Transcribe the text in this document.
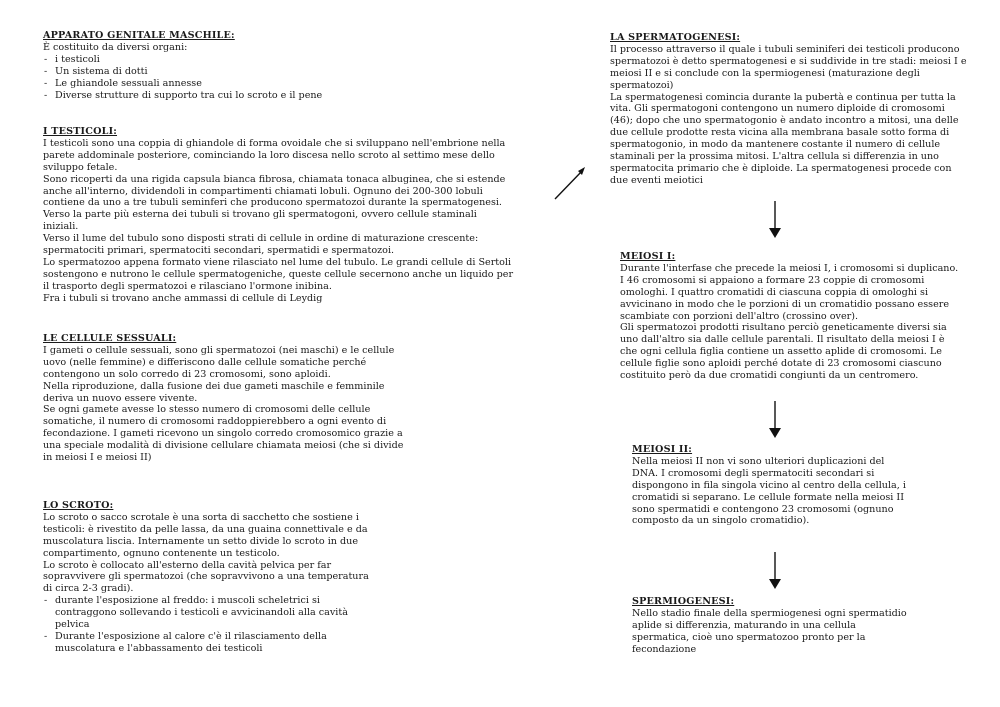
APPARATO GENITALE MASCHILE:
È costituito da diversi organi:
- i testicoli
- Un sistema di dotti
- Le ghiandole sessuali annesse
- Diverse strutture di supporto tra cui lo scroto e il pene
I TESTICOLI:
I testicoli sono una coppia di ghiandole di forma ovoidale che si sviluppano nell'embrione nella
parete addominale posteriore, cominciando la loro discesa nello scroto al settimo mese dello
sviluppo fetale.
Sono ricoperti da una rigida capsula bianca fibrosa, chiamata tonaca albuginea, che si estende
anche all'interno, dividendoli in compartimenti chiamati lobuli. Ognuno dei 200-300 lobuli
contiene da uno a tre tubuli seminferi che producono spermatozoi durante la spermatogenesi.
Verso la parte più esterna dei tubuli si trovano gli spermatogoni, ovvero cellule staminali
iniziali.
Verso il lume del tubulo sono disposti strati di cellule in ordine di maturazione crescente:
spermatociti primari, spermatociti secondari, spermatidi e spermatozoi.
Lo spermatozoo appena formato viene rilasciato nel lume del tubulo. Le grandi cellule di Sertoli
sostengono e nutrono le cellule spermatogeniche, queste cellule secernono anche un liquido per
il trasporto degli spermatozoi e rilasciano l'ormone inibina.
Fra i tubuli si trovano anche ammassi di cellule di Leydig
LE CELLULE SESSUALI:
I gameti o cellule sessuali, sono gli spermatozoi (nei maschi) e le cellule
uovo (nelle femmine) e differiscono dalle cellule somatiche perché
contengono un solo corredo di 23 cromosomi, sono aploidi.
Nella riproduzione, dalla fusione dei due gameti maschile e femminile
deriva un nuovo essere vivente.
Se ogni gamete avesse lo stesso numero di cromosomi delle cellule
somatiche, il numero di cromosomi raddoppierebbero a ogni evento di
fecondazione. I gameti ricevono un singolo corredo cromosomico grazie a
una speciale modalità di divisione cellulare chiamata meiosi (che si divide
in meiosi I e meiosi II)
LO SCROTO:
Lo scroto o sacco scrotale è una sorta di sacchetto che sostiene i
testicoli: è rivestito da pelle lassa, da una guaina connettivale e da
muscolatura liscia. Internamente un setto divide lo scroto in due
compartimento, ognuno contenente un testicolo.
Lo scroto è collocato all'esterno della cavità pelvica per far
sopravvivere gli spermatozoi (che sopravvivono a una temperatura
di circa 2-3 gradi).
- durante l'esposizione al freddo: i muscoli scheletrici si
contraggono sollevando i testicoli e avvicinandoli alla cavità
pelvica
- Durante l'esposizione al calore c'è il rilasciamento della
muscolatura e l'abbassamento dei testicoli
LA SPERMATOGENESI:
Il processo attraverso il quale i tubuli seminiferi dei testicoli producono
spermatozoi è detto spermatogenesi e si suddivide in tre stadi: meiosi I e
meiosi II e si conclude con la spermiogenesi (maturazione degli
spermatozoi)
La spermatogenesi comincia durante la pubertà e continua per tutta la
vita. Gli spermatogoni contengono un numero diploide di cromosomi
(46); dopo che uno spermatogonio è andato incontro a mitosi, una delle
due cellule prodotte resta vicina alla membrana basale sotto forma di
spermatogonio, in modo da mantenere costante il numero di cellule
staminali per la prossima mitosi. L'altra cellula si differenzia in uno
spermatocita primario che è diploide. La spermatogenesi procede con
due eventi meiotici
MEIOSI I:
Durante l'interfase che precede la meiosi I, i cromosomi si duplicano.
I 46 cromosomi si appaiono a formare 23 coppie di cromosomi
omologhi. I quattro cromatidi di ciascuna coppia di omologhi si
avvicinano in modo che le porzioni di un cromatidio possano essere
scambiate con porzioni dell'altro (crossino over).
Gli spermatozoi prodotti risultano perciò geneticamente diversi sia
uno dall'altro sia dalle cellule parentali. Il risultato della meiosi I è
che ogni cellula figlia contiene un assetto aplide di cromosomi. Le
cellule figlie sono aploidi perché dotate di 23 cromosomi ciascuno
costituito però da due cromatidi congiunti da un centromero.
MEIOSI II:
Nella meiosi II non vi sono ulteriori duplicazioni del
DNA. I cromosomi degli spermatociti secondari si
dispongono in fila singola vicino al centro della cellula, i
cromatidi si separano. Le cellule formate nella meiosi II
sono spermatidi e contengono 23 cromosomi (ognuno
composto da un singolo cromatidio).
SPERMIOGENESI:
Nello stadio finale della spermiogenesi ogni spermatidio
aplide si differenzia, maturando in una cellula
spermatica, cioè uno spermatozoo pronto per la
fecondazione
